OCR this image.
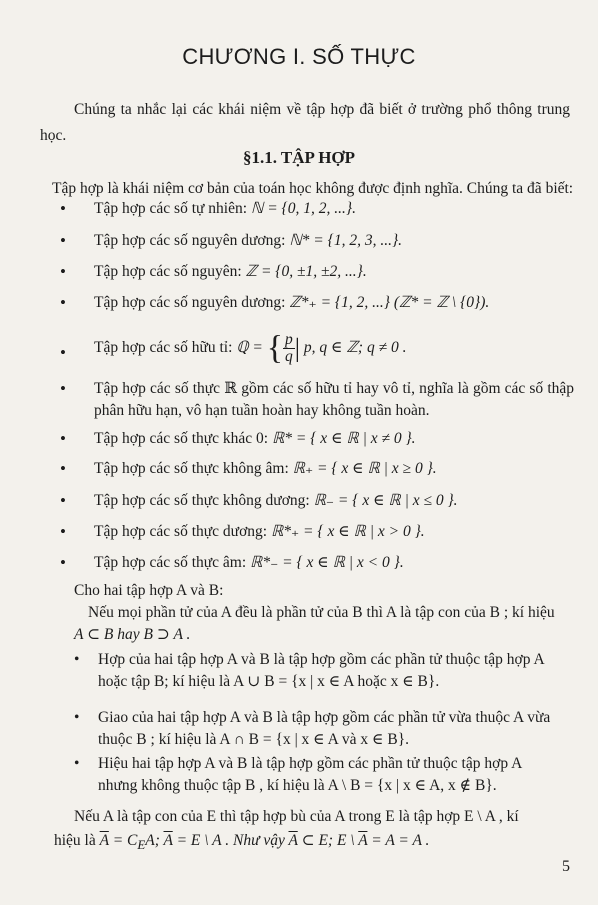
CHƯƠNG I. SỐ THỰC
Chúng ta nhắc lại các khái niệm về tập hợp đã biết ở trường phổ thông trung học.
§1.1. TẬP HỢP
Tập hợp là khái niệm cơ bản của toán học không được định nghĩa. Chúng ta đã biết:
• Tập hợp các số tự nhiên: ℕ = {0, 1, 2, ...}.
• Tập hợp các số nguyên dương: ℕ* = {1, 2, 3, ...}.
• Tập hợp các số nguyên: ℤ = {0, ±1, ±2, ...}.
• Tập hợp các số nguyên dương: ℤ*₊ = {1, 2, ...} (ℤ* = ℤ \ {0}).
• Tập hợp các số hữu tỉ: ℚ = { $\frac{p}{q}$ | p, q ∈ ℤ; q ≠ 0 .
• Tập hợp các số thực ℝ gồm các số hữu tỉ hay vô tỉ, nghĩa là gồm các số thập phân hữu hạn, vô hạn tuần hoàn hay không tuần hoàn.
• Tập hợp các số thực khác 0: ℝ* = { x ∈ ℝ | x ≠ 0 }.
• Tập hợp các số thực không âm: ℝ₊ = { x ∈ ℝ | x ≥ 0 }.
• Tập hợp các số thực không dương: ℝ₋ = { x ∈ ℝ | x ≤ 0 }.
• Tập hợp các số thực dương: ℝ*₊ = { x ∈ ℝ | x > 0 }.
• Tập hợp các số thực âm: ℝ*₋ = { x ∈ ℝ | x < 0 }.
Cho hai tập hợp A và B:
Nếu mọi phần tử của A đều là phần tử của B thì A là tập con của B ; kí hiệu
A ⊂ B hay B ⊃ A .
• Hợp của hai tập hợp A và B là tập hợp gồm các phần tử thuộc tập hợp A
hoặc tập B; kí hiệu là A ∪ B = {x | x ∈ A hoặc x ∈ B}.
• Giao của hai tập hợp A và B là tập hợp gồm các phần tử vừa thuộc A vừa
thuộc B ; kí hiệu là A ∩ B = {x | x ∈ A và x ∈ B}.
• Hiệu hai tập hợp A và B là tập hợp gồm các phần tử thuộc tập hợp A
nhưng không thuộc tập B , kí hiệu là A \ B = {x | x ∈ A, x ∉ B}.
Nếu A là tập con của E thì tập hợp bù của A trong E là tập hợp E \ A , kí
hiệu là $\overline{A} = C_EA$; $\overline{A} = E$ \ A . Như vậy $\overline{A}$ ⊂ E; E \ $\overline{A} = A = A$ .
5
